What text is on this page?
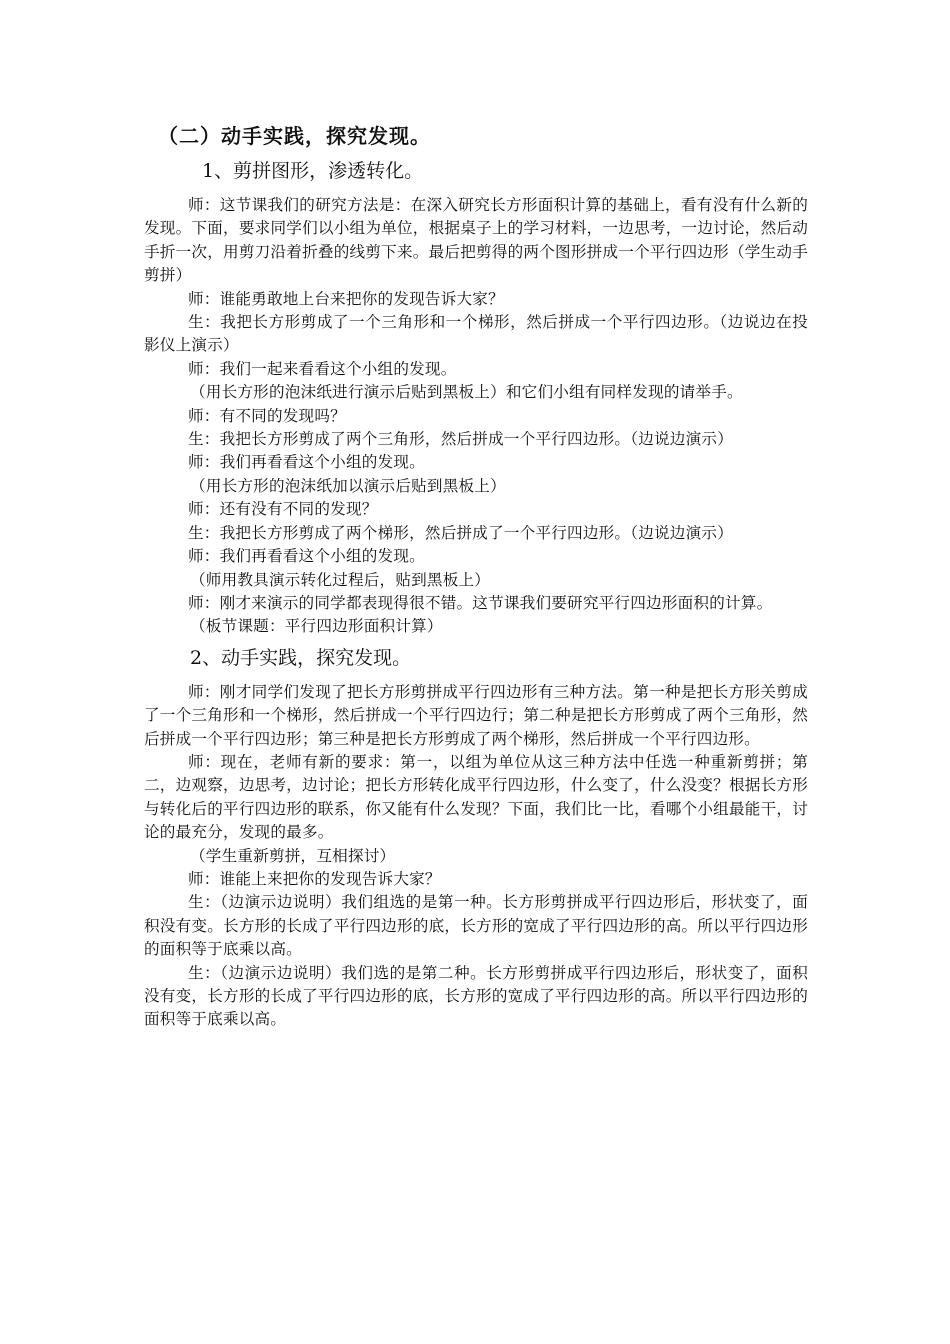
（二）动手实践，探究发现。
1、剪拼图形，渗透转化。

师：这节课我们的研究方法是：在深入研究长方形面积计算的基础上，看有没有什么新的发现。下面，要求同学们以小组为单位，根据桌子上的学习材料，一边思考，一边讨论，然后动手折一次，用剪刀沿着折叠的线剪下来。最后把剪得的两个图形拼成一个平行四边形（学生动手剪拼）

师：谁能勇敢地上台来把你的发现告诉大家？

生：我把长方形剪成了一个三角形和一个梯形，然后拼成一个平行四边形。（边说边在投影仪上演示）

师：我们一起来看看这个小组的发现。

（用长方形的泡沫纸进行演示后贴到黑板上）和它们小组有同样发现的请举手。

师：有不同的发现吗？

生：我把长方形剪成了两个三角形，然后拼成一个平行四边形。（边说边演示）

师：我们再看看这个小组的发现。

（用长方形的泡沫纸加以演示后贴到黑板上）

师：还有没有不同的发现？

生：我把长方形剪成了两个梯形，然后拼成了一个平行四边形。（边说边演示）

师：我们再看看这个小组的发现。

（师用教具演示转化过程后，贴到黑板上）

师：刚才来演示的同学都表现得很不错。这节课我们要研究平行四边形面积的计算。

（板节课题：平行四边形面积计算）

2、动手实践，探究发现。

师：刚才同学们发现了把长方形剪拼成平行四边形有三种方法。第一种是把长方形关剪成了一个三角形和一个梯形，然后拼成一个平行四边行；第二种是把长方形剪成了两个三角形，然后拼成一个平行四边形；第三种是把长方形剪成了两个梯形，然后拼成一个平行四边形。

师：现在，老师有新的要求：第一，以组为单位从这三种方法中任选一种重新剪拼；第二，边观察，边思考，边讨论；把长方形转化成平行四边形，什么变了，什么没变？根据长方形与转化后的平行四边形的联系，你又能有什么发现？下面，我们比一比，看哪个小组最能干，讨论的最充分，发现的最多。

（学生重新剪拼，互相探讨）

师：谁能上来把你的发现告诉大家？

生：（边演示边说明）我们组选的是第一种。长方形剪拼成平行四边形后，形状变了，面积没有变。长方形的长成了平行四边形的底，长方形的宽成了平行四边形的高。所以平行四边形的面积等于底乘以高。

生：（边演示边说明）我们选的是第二种。长方形剪拼成平行四边形后，形状变了，面积没有变，长方形的长成了平行四边形的底，长方形的宽成了平行四边形的高。所以平行四边形的面积等于底乘以高。
